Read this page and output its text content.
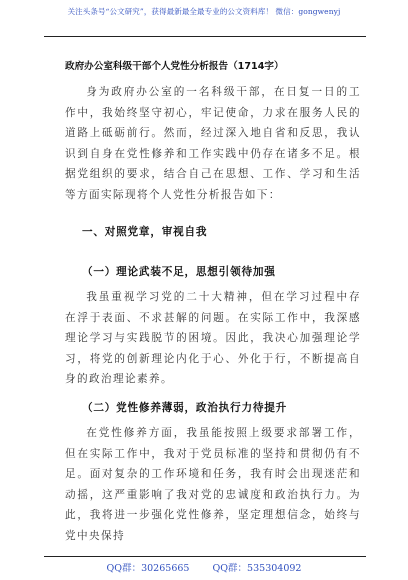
关注头条号“公文研究”，获得最新最全最专业的公文资料库！ 微信：gongwenyj
政府办公室科级干部个人党性分析报告（1714字）

身为政府办公室的一名科级干部，在日复一日的工作中，我始终坚守初心，牢记使命，力求在服务人民的道路上砥砺前行。然而，经过深入地自省和反思，我认识到自身在党性修养和工作实践中仍存在诸多不足。根据党组织的要求，结合自己在思想、工作、学习和生活等方面实际现将个人党性分析报告如下：

一、对照党章，审视自我
（一）理论武装不足，思想引领待加强

我虽重视学习党的二十大精神，但在学习过程中存在浮于表面、不求甚解的问题。在实际工作中，我深感理论学习与实践脱节的困境。因此，我决心加强理论学习，将党的创新理论内化于心、外化于行，不断提高自身的政治理论素养。

（二）党性修养薄弱，政治执行力待提升

在党性修养方面，我虽能按照上级要求部署工作，但在实际工作中，我对于党员标准的坚持和贯彻仍有不足。面对复杂的工作环境和任务，我有时会出现迷茫和动摇，这严重影响了我对党的忠诚度和政治执行力。为此，我将进一步强化党性修养，坚定理想信念，始终与党中央保持

QQ群：30265665 QQ群：535304092
